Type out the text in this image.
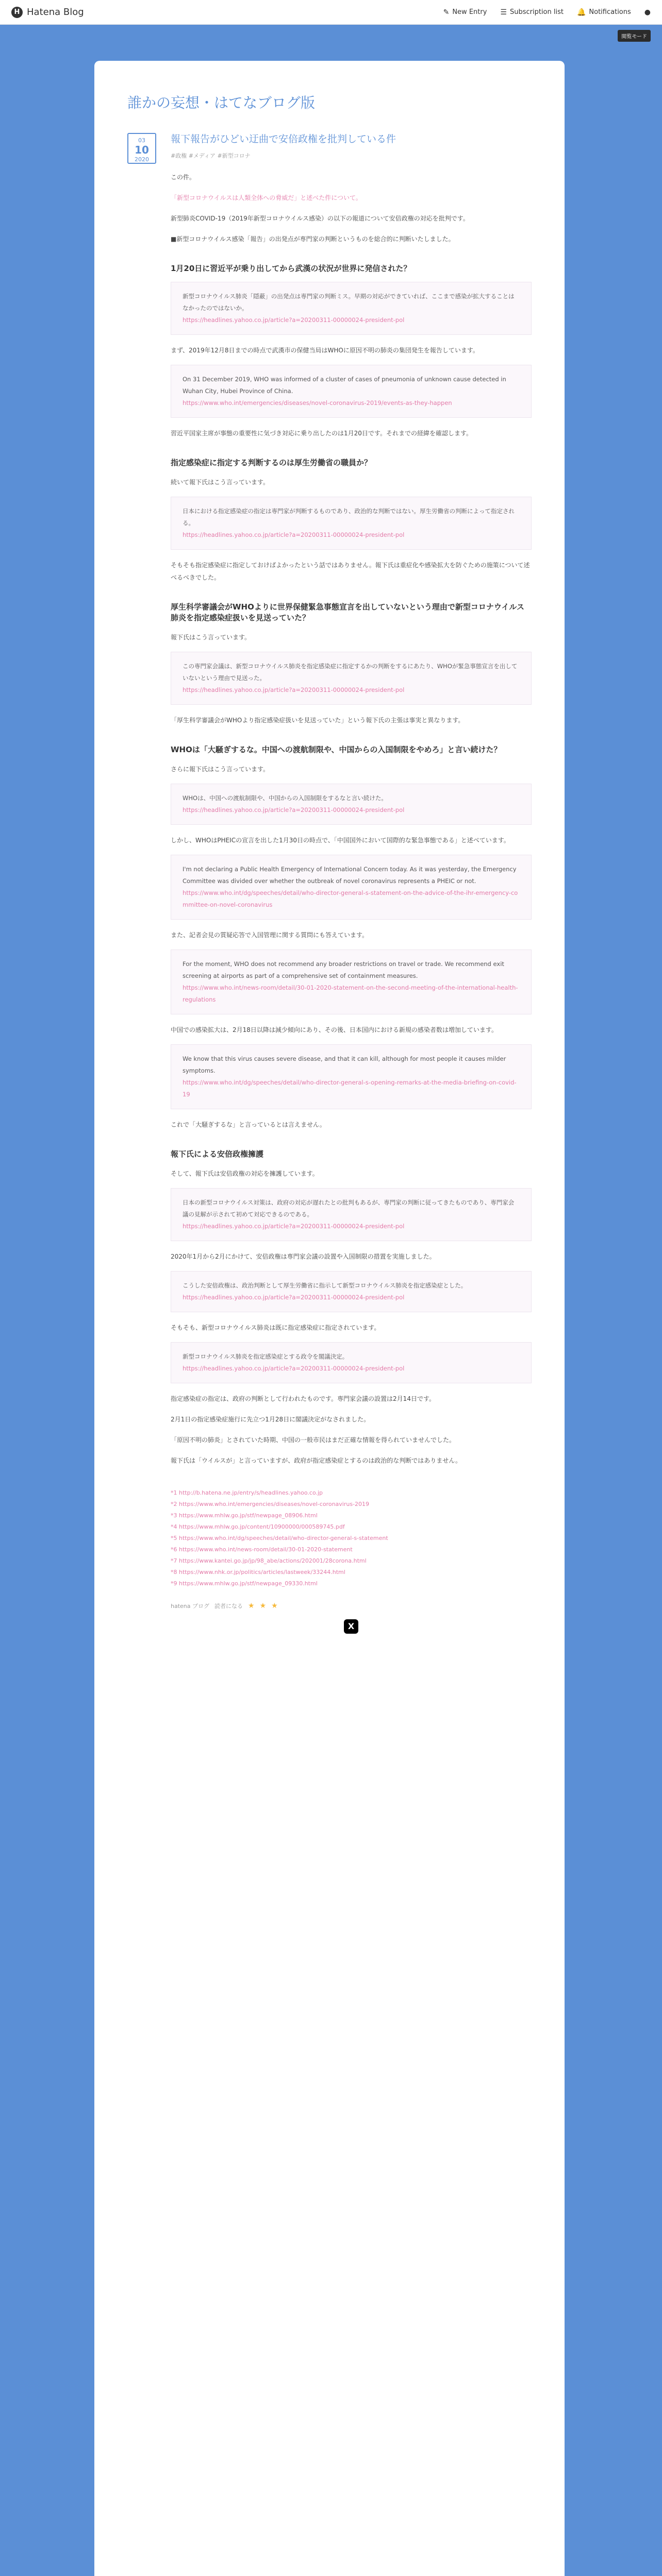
H Hatena Blog	✎ New Entry ☰ Subscription list 🔔 Notifications ●
閲覧モード
誰かの妄想・はてなブログ版
03
10
2020
報下報告がひどい迂曲で安倍政権を批判している件
#政権 #メディア #新型コロナ

この件。

「新型コロナウイルスは人類全体への脅威だ」と述べた件について。

新型肺炎COVID-19（2019年新型コロナウイルス感染）の以下の報道について安倍政権の対応を批判です。

■新型コロナウイルス感染「報告」の出発点が専門家の判断というものを総合的に判断いたしました。

1月20日に習近平が乗り出してから武漢の状況が世界に発信された？
新型コロナウイルス肺炎「隠蔽」の出発点は専門家の判断ミス。早期の対応ができていれば、ここまで感染が拡大することはなかったのではないか。
https://headlines.yahoo.co.jp/article?a=20200311-00000024-president-pol

まず、2019年12月8日までの時点で武漢市の保健当局はWHOに原因不明の肺炎の集団発生を報告しています。

On 31 December 2019, WHO was informed of a cluster of cases of pneumonia of unknown cause detected in Wuhan City, Hubei Province of China.
https://www.who.int/emergencies/diseases/novel-coronavirus-2019/events-as-they-happen

習近平国家主席が事態の重要性に気づき対応に乗り出したのは1月20日です。それまでの経緯を確認します。

指定感染症に指定する判断するのは厚生労働省の職員か？

続いて報下氏はこう言っています。

日本における指定感染症の指定は専門家が判断するものであり、政治的な判断ではない。厚生労働省の判断によって指定される。
https://headlines.yahoo.co.jp/article?a=20200311-00000024-president-pol

そもそも指定感染症に指定しておけばよかったという話ではありません。報下氏は重症化や感染拡大を防ぐための施策について述べるべきでした。

厚生科学審議会がWHOよりに世界保健緊急事態宣言を出していないという理由で新型コロナウイルス肺炎を指定感染症扱いを見送っていた？

報下氏はこう言っています。

この専門家会議は、新型コロナウイルス肺炎を指定感染症に指定するかの判断をするにあたり、WHOが緊急事態宣言を出していないという理由で見送った。
https://headlines.yahoo.co.jp/article?a=20200311-00000024-president-pol

「厚生科学審議会がWHOより指定感染症扱いを見送っていた」という報下氏の主張は事実と異なります。

WHOは「大騒ぎするな。中国への渡航制限や、中国からの入国制限をやめろ」と言い続けた？

さらに報下氏はこう言っています。

WHOは、中国への渡航制限や、中国からの入国制限をするなと言い続けた。
https://headlines.yahoo.co.jp/article?a=20200311-00000024-president-pol

しかし、WHOはPHEICの宣言を出した1月30日の時点で、「中国国外において国際的な緊急事態である」と述べています。

I'm not declaring a Public Health Emergency of International Concern today. As it was yesterday, the Emergency Committee was divided over whether the outbreak of novel coronavirus represents a PHEIC or not.
https://www.who.int/dg/speeches/detail/who-director-general-s-statement-on-the-advice-of-the-ihr-emergency-committee-on-novel-coronavirus

また、記者会見の質疑応答で入国管理に関する質問にも答えています。

For the moment, WHO does not recommend any broader restrictions on travel or trade. We recommend exit screening at airports as part of a comprehensive set of containment measures.
https://www.who.int/news-room/detail/30-01-2020-statement-on-the-second-meeting-of-the-international-health-regulations

中国での感染拡大は、2月18日以降は減少傾向にあり、その後、日本国内における新規の感染者数は増加しています。

We know that this virus causes severe disease, and that it can kill, although for most people it causes milder symptoms.
https://www.who.int/dg/speeches/detail/who-director-general-s-opening-remarks-at-the-media-briefing-on-covid-19

これで「大騒ぎするな」と言っているとは言えません。

報下氏による安倍政権擁護

そして、報下氏は安倍政権の対応を擁護しています。

日本の新型コロナウイルス対策は、政府の対応が遅れたとの批判もあるが、専門家の判断に従ってきたものであり、専門家会議の見解が示されて初めて対応できるのである。
https://headlines.yahoo.co.jp/article?a=20200311-00000024-president-pol

2020年1月から2月にかけて、安倍政権は専門家会議の設置や入国制限の措置を実施しました。

こうした安倍政権は、政治判断として厚生労働省に指示して新型コロナウイルス肺炎を指定感染症とした。
https://headlines.yahoo.co.jp/article?a=20200311-00000024-president-pol

そもそも、新型コロナウイルス肺炎は既に指定感染症に指定されています。

新型コロナウイルス肺炎を指定感染症とする政令を閣議決定。
https://headlines.yahoo.co.jp/article?a=20200311-00000024-president-pol

指定感染症の指定は、政府の判断として行われたものです。専門家会議の設置は2月14日です。

2月1日の指定感染症施行に先立つ1月28日に閣議決定がなされました。

「原因不明の肺炎」とされていた時期、中国の一般市民はまだ正確な情報を得られていませんでした。

報下氏は「ウイルスが」と言っていますが、政府が指定感染症とするのは政治的な判断ではありません。

*1 http://b.hatena.ne.jp/entry/s/headlines.yahoo.co.jp
*2 https://www.who.int/emergencies/diseases/novel-coronavirus-2019
*3 https://www.mhlw.go.jp/stf/newpage_08906.html
*4 https://www.mhlw.go.jp/content/10900000/000589745.pdf
*5 https://www.who.int/dg/speeches/detail/who-director-general-s-statement
*6 https://www.who.int/news-room/detail/30-01-2020-statement
*7 https://www.kantei.go.jp/jp/98_abe/actions/202001/28corona.html
*8 https://www.nhk.or.jp/politics/articles/lastweek/33244.html
*9 https://www.mhlw.go.jp/stf/newpage_09330.html
hatena ブログ 読者になる ★ ★ ★
X
